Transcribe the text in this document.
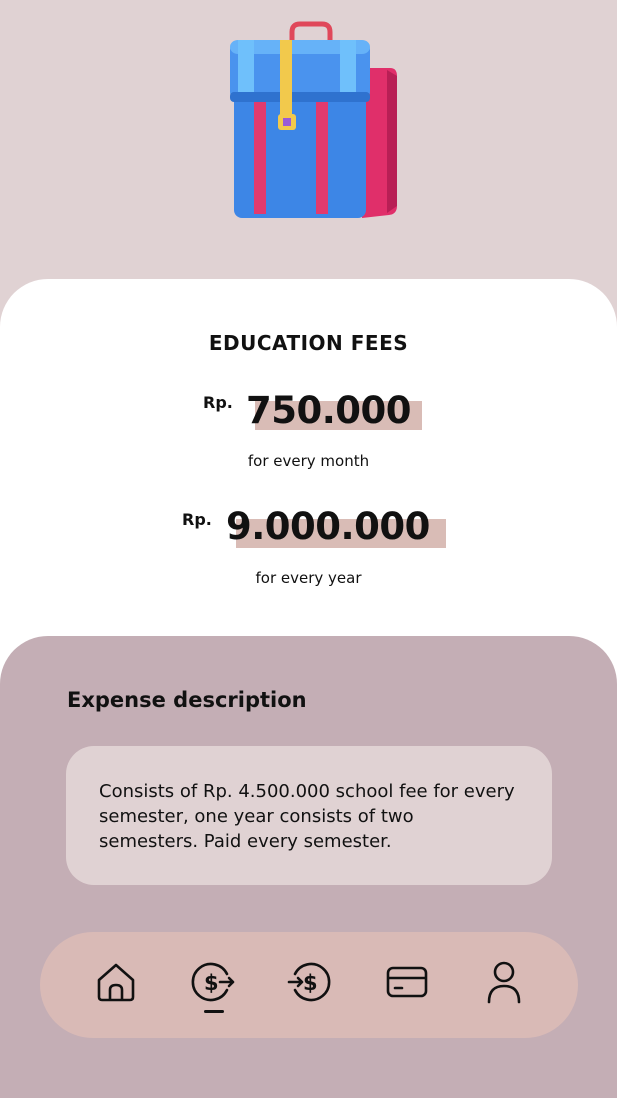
EDUCATION FEES
Rp. 750.000
for every month
Rp. 9.000.000
for every year
Expense description
Consists of Rp. 4.500.000 school fee for every semester, one year consists of two semesters. Paid every semester.
$	$
